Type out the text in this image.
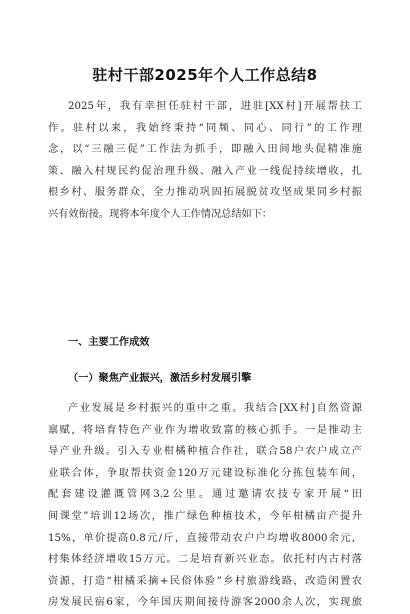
驻村干部2025年个人工作总结8
2025年，我有幸担任驻村干部，进驻[XX村]开展帮扶工
作。驻村以来，我始终秉持“同频、同心、同行”的工作理
念，以“三融三促”工作法为抓手，即融入田间地头促精准施
策、融入村规民约促治理升级、融入产业一线促持续增收，扎
根乡村、服务群众，全力推动巩固拓展脱贫攻坚成果同乡村振
兴有效衔接。现将本年度个人工作情况总结如下：
一、主要工作成效
（一）聚焦产业振兴，激活乡村发展引擎
产业发展是乡村振兴的重中之重。我结合[XX村]自然资源
禀赋，将培育特色产业作为增收致富的核心抓手。一是推动主
导产业升级。引入专业柑橘种植合作社，联合58户农户成立产
业联合体，争取帮扶资金120万元建设标准化分拣包装车间，
配套建设灌溉管网3.2公里。通过邀请农技专家开展“田
间课堂”培训12场次，推广绿色种植技术，今年柑橘亩产提升
15%，单价提高0.8元/斤，直接带动农户户均增收8000余元，
村集体经济增收15万元。二是培育新兴业态。依托村内古村落
资源，打造“柑橘采摘+民俗体验”乡村旅游线路，改造闲置农
房发展民宿6家，今年国庆期间接待游客2000余人次，实现旅
